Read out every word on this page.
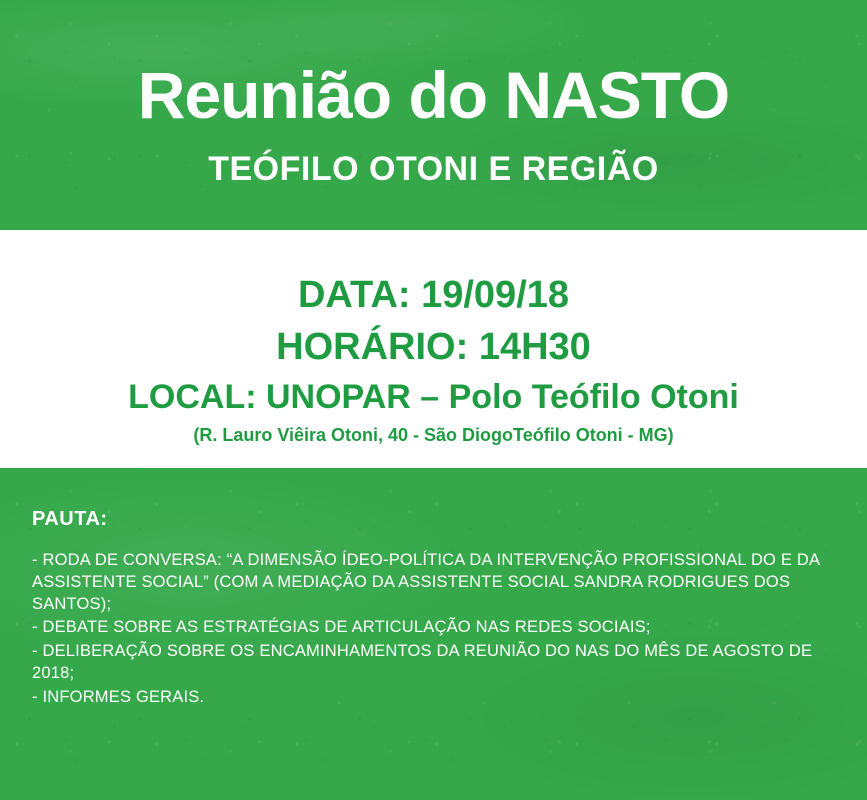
Reunião do NASTO
TEÓFILO OTONI E REGIÃO
DATA: 19/09/18
HORÁRIO: 14H30
LOCAL: UNOPAR – Polo Teófilo Otoni
(R. Lauro Viêira Otoni, 40 - São DiogoTeófilo Otoni - MG)
PAUTA:
- RODA DE CONVERSA: “A DIMENSÃO ÍDEO-POLÍTICA DA INTERVENÇÃO PROFISSIONAL DO E DA ASSISTENTE SOCIAL” (COM A MEDIAÇÃO DA ASSISTENTE SOCIAL SANDRA RODRIGUES DOS SANTOS);
- DEBATE SOBRE AS ESTRATÉGIAS DE ARTICULAÇÃO NAS REDES SOCIAIS;
- DELIBERAÇÃO SOBRE OS ENCAMINHAMENTOS DA REUNIÃO DO NAS DO MÊS DE AGOSTO DE 2018;
- INFORMES GERAIS.
